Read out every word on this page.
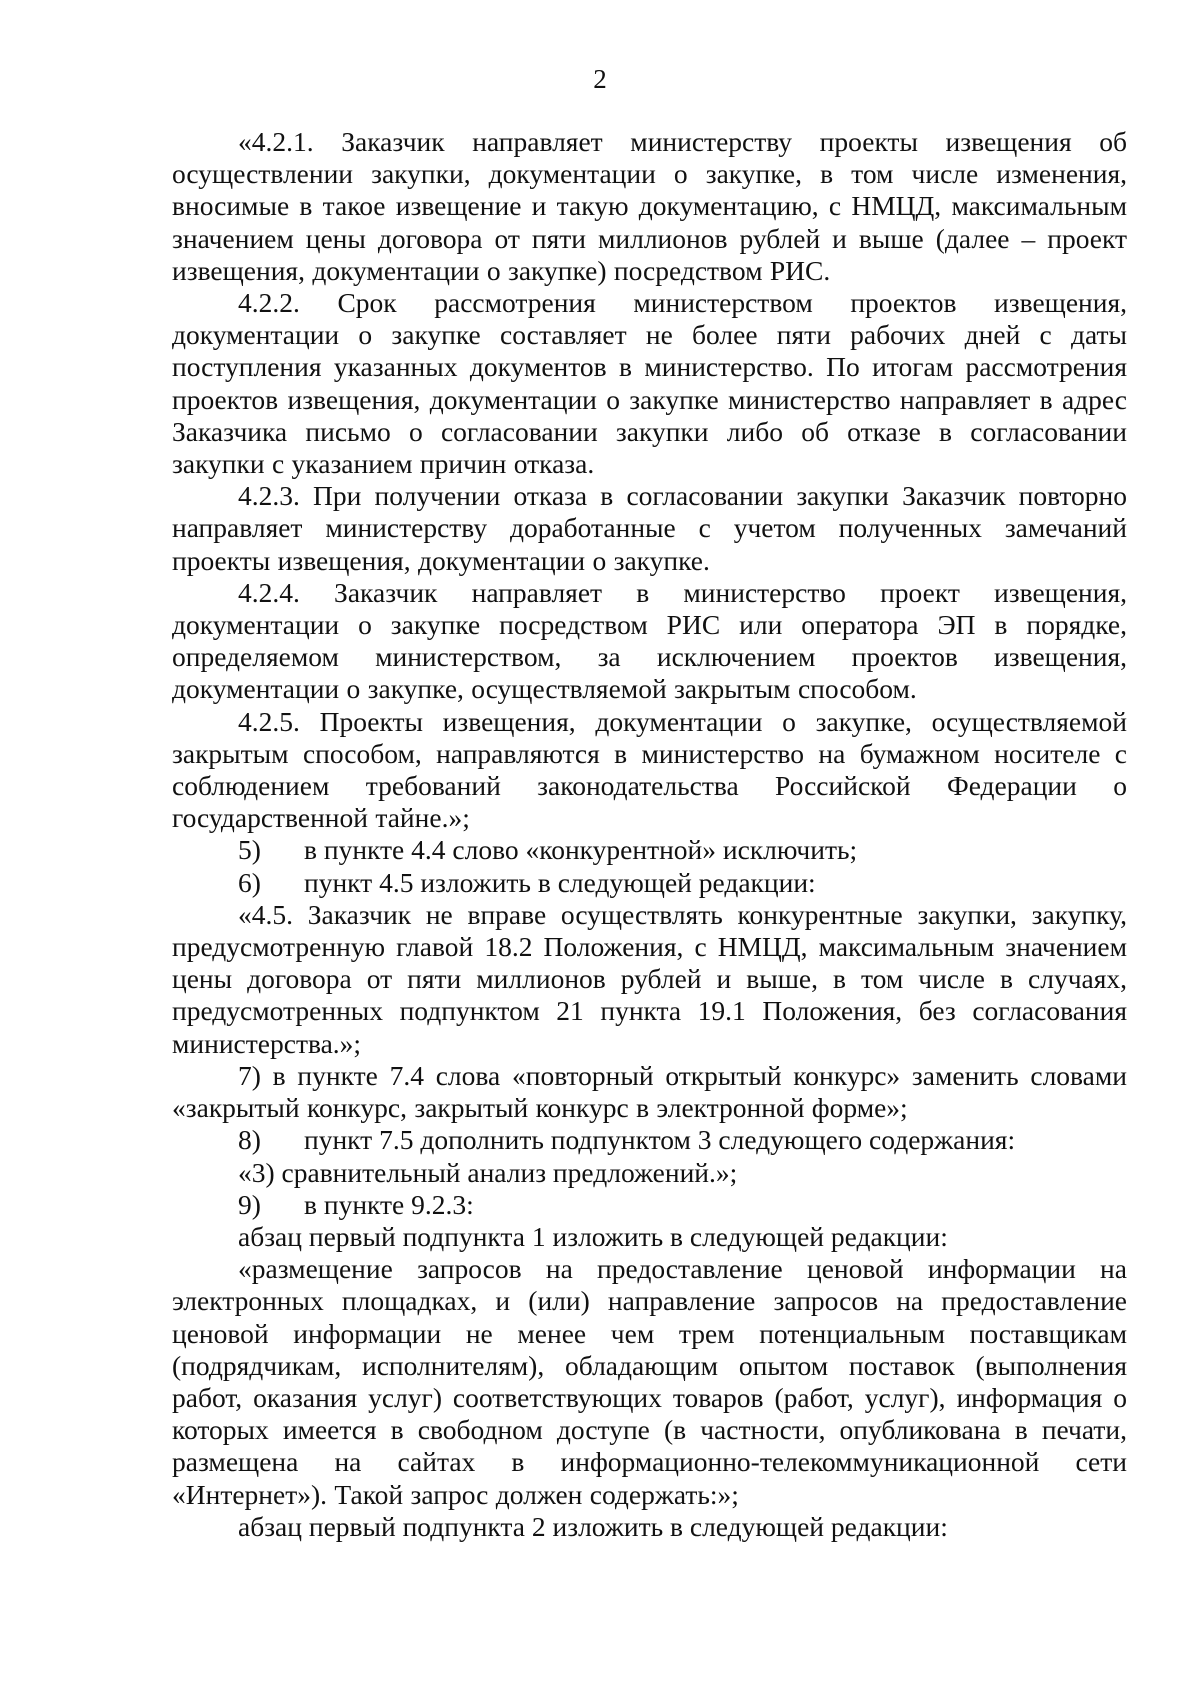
2

«4.2.1. Заказчик направляет министерству проекты извещения об осуществлении закупки, документации о закупке, в том числе изменения, вносимые в такое извещение и такую документацию, с НМЦД, максимальным значением цены договора от пяти миллионов рублей и выше (далее – проект извещения, документации о закупке) посредством РИС.

4.2.2. Срок рассмотрения министерством проектов извещения, документации о закупке составляет не более пяти рабочих дней с даты поступления указанных документов в министерство. По итогам рассмотрения проектов извещения, документации о закупке министерство направляет в адрес Заказчика письмо о согласовании закупки либо об отказе в согласовании закупки с указанием причин отказа.

4.2.3. При получении отказа в согласовании закупки Заказчик повторно направляет министерству доработанные с учетом полученных замечаний проекты извещения, документации о закупке.

4.2.4. Заказчик направляет в министерство проект извещения, документации о закупке посредством РИС или оператора ЭП в порядке, определяемом министерством, за исключением проектов извещения, документации о закупке, осуществляемой закрытым способом.

4.2.5. Проекты извещения, документации о закупке, осуществляемой закрытым способом, направляются в министерство на бумажном носителе с соблюдением требований законодательства Российской Федерации о государственной тайне.»;

5) в пункте 4.4 слово «конкурентной» исключить;

6) пункт 4.5 изложить в следующей редакции:

«4.5. Заказчик не вправе осуществлять конкурентные закупки, закупку, предусмотренную главой 18.2 Положения, с НМЦД, максимальным значением цены договора от пяти миллионов рублей и выше, в том числе в случаях, предусмотренных подпунктом 21 пункта 19.1 Положения, без согласования министерства.»;

7) в пункте 7.4 слова «повторный открытый конкурс» заменить словами «закрытый конкурс, закрытый конкурс в электронной форме»;

8) пункт 7.5 дополнить подпунктом 3 следующего содержания:

«3) сравнительный анализ предложений.»;

9) в пункте 9.2.3:

абзац первый подпункта 1 изложить в следующей редакции:

«размещение запросов на предоставление ценовой информации на электронных площадках, и (или) направление запросов на предоставление ценовой информации не менее чем трем потенциальным поставщикам (подрядчикам, исполнителям), обладающим опытом поставок (выполнения работ, оказания услуг) соответствующих товаров (работ, услуг), информация о которых имеется в свободном доступе (в частности, опубликована в печати, размещена на сайтах в информационно-телекоммуникационной сети «Интернет»). Такой запрос должен содержать:»;

абзац первый подпункта 2 изложить в следующей редакции:
